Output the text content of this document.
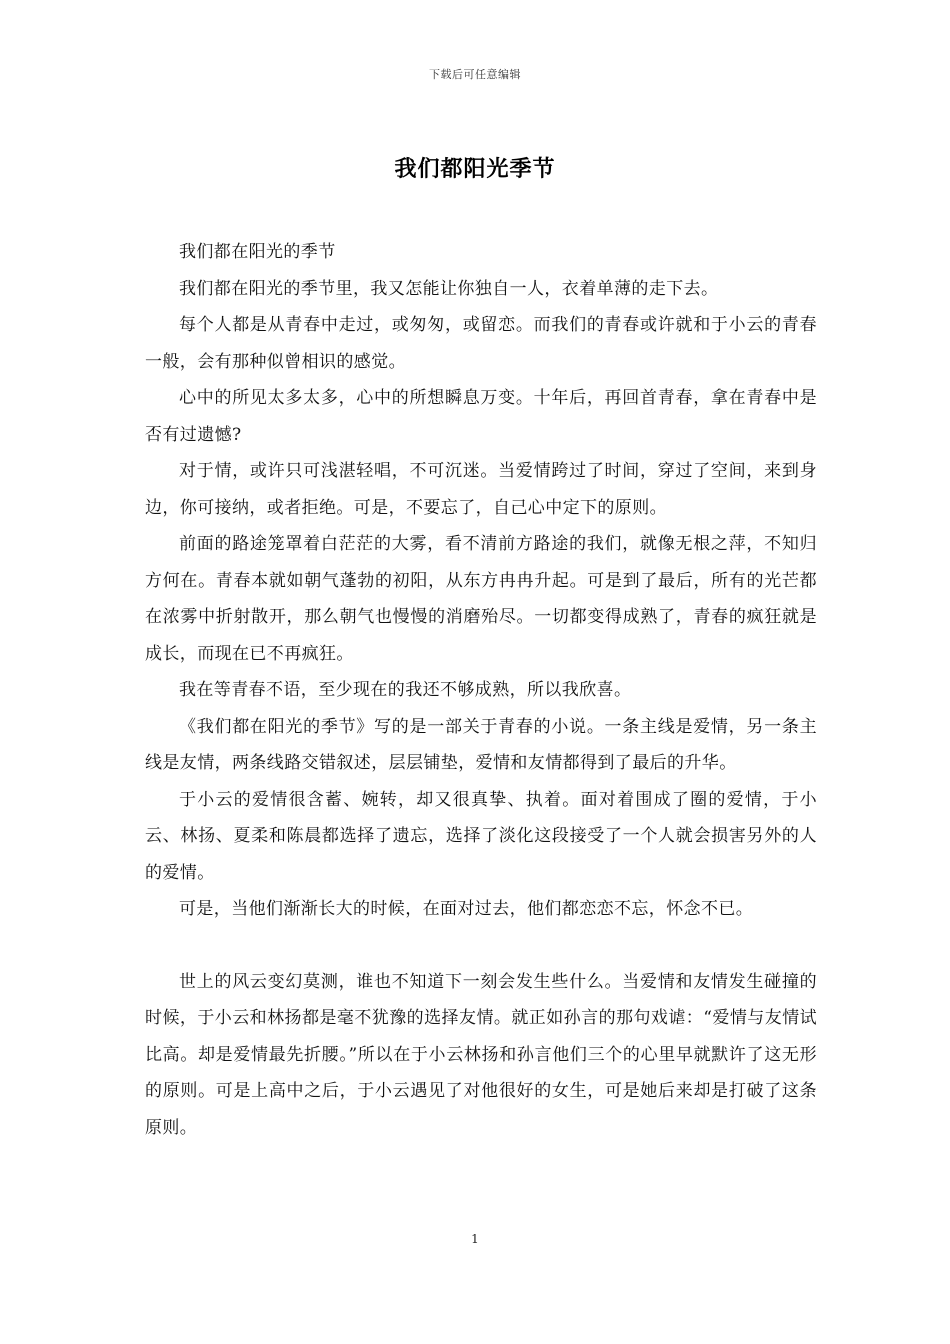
下载后可任意编辑
我们都阳光季节

我们都在阳光的季节

我们都在阳光的季节里，我又怎能让你独自一人，衣着单薄的走下去。

每个人都是从青春中走过，或匆匆，或留恋。而我们的青春或许就和于小云的青春一般，会有那种似曾相识的感觉。

心中的所见太多太多，心中的所想瞬息万变。十年后，再回首青春，拿在青春中是否有过遗憾?

对于情，或许只可浅湛轻唱，不可沉迷。当爱情跨过了时间，穿过了空间，来到身边，你可接纳，或者拒绝。可是，不要忘了，自己心中定下的原则。

前面的路途笼罩着白茫茫的大雾，看不清前方路途的我们，就像无根之萍，不知归方何在。青春本就如朝气蓬勃的初阳，从东方冉冉升起。可是到了最后，所有的光芒都在浓雾中折射散开，那么朝气也慢慢的消磨殆尽。一切都变得成熟了，青春的疯狂就是成长，而现在已不再疯狂。

我在等青春不语，至少现在的我还不够成熟，所以我欣喜。

《我们都在阳光的季节》写的是一部关于青春的小说。一条主线是爱情，另一条主线是友情，两条线路交错叙述，层层铺垫，爱情和友情都得到了最后的升华。

于小云的爱情很含蓄、婉转，却又很真挚、执着。面对着围成了圈的爱情，于小云、林扬、夏柔和陈晨都选择了遗忘，选择了淡化这段接受了一个人就会损害另外的人的爱情。

可是，当他们渐渐长大的时候，在面对过去，他们都恋恋不忘，怀念不已。

世上的风云变幻莫测，谁也不知道下一刻会发生些什么。当爱情和友情发生碰撞的时候，于小云和林扬都是毫不犹豫的选择友情。就正如孙言的那句戏谑：“爱情与友情试比高。却是爱情最先折腰。”所以在于小云林扬和孙言他们三个的心里早就默许了这无形的原则。可是上高中之后，于小云遇见了对他很好的女生，可是她后来却是打破了这条原则。

1
